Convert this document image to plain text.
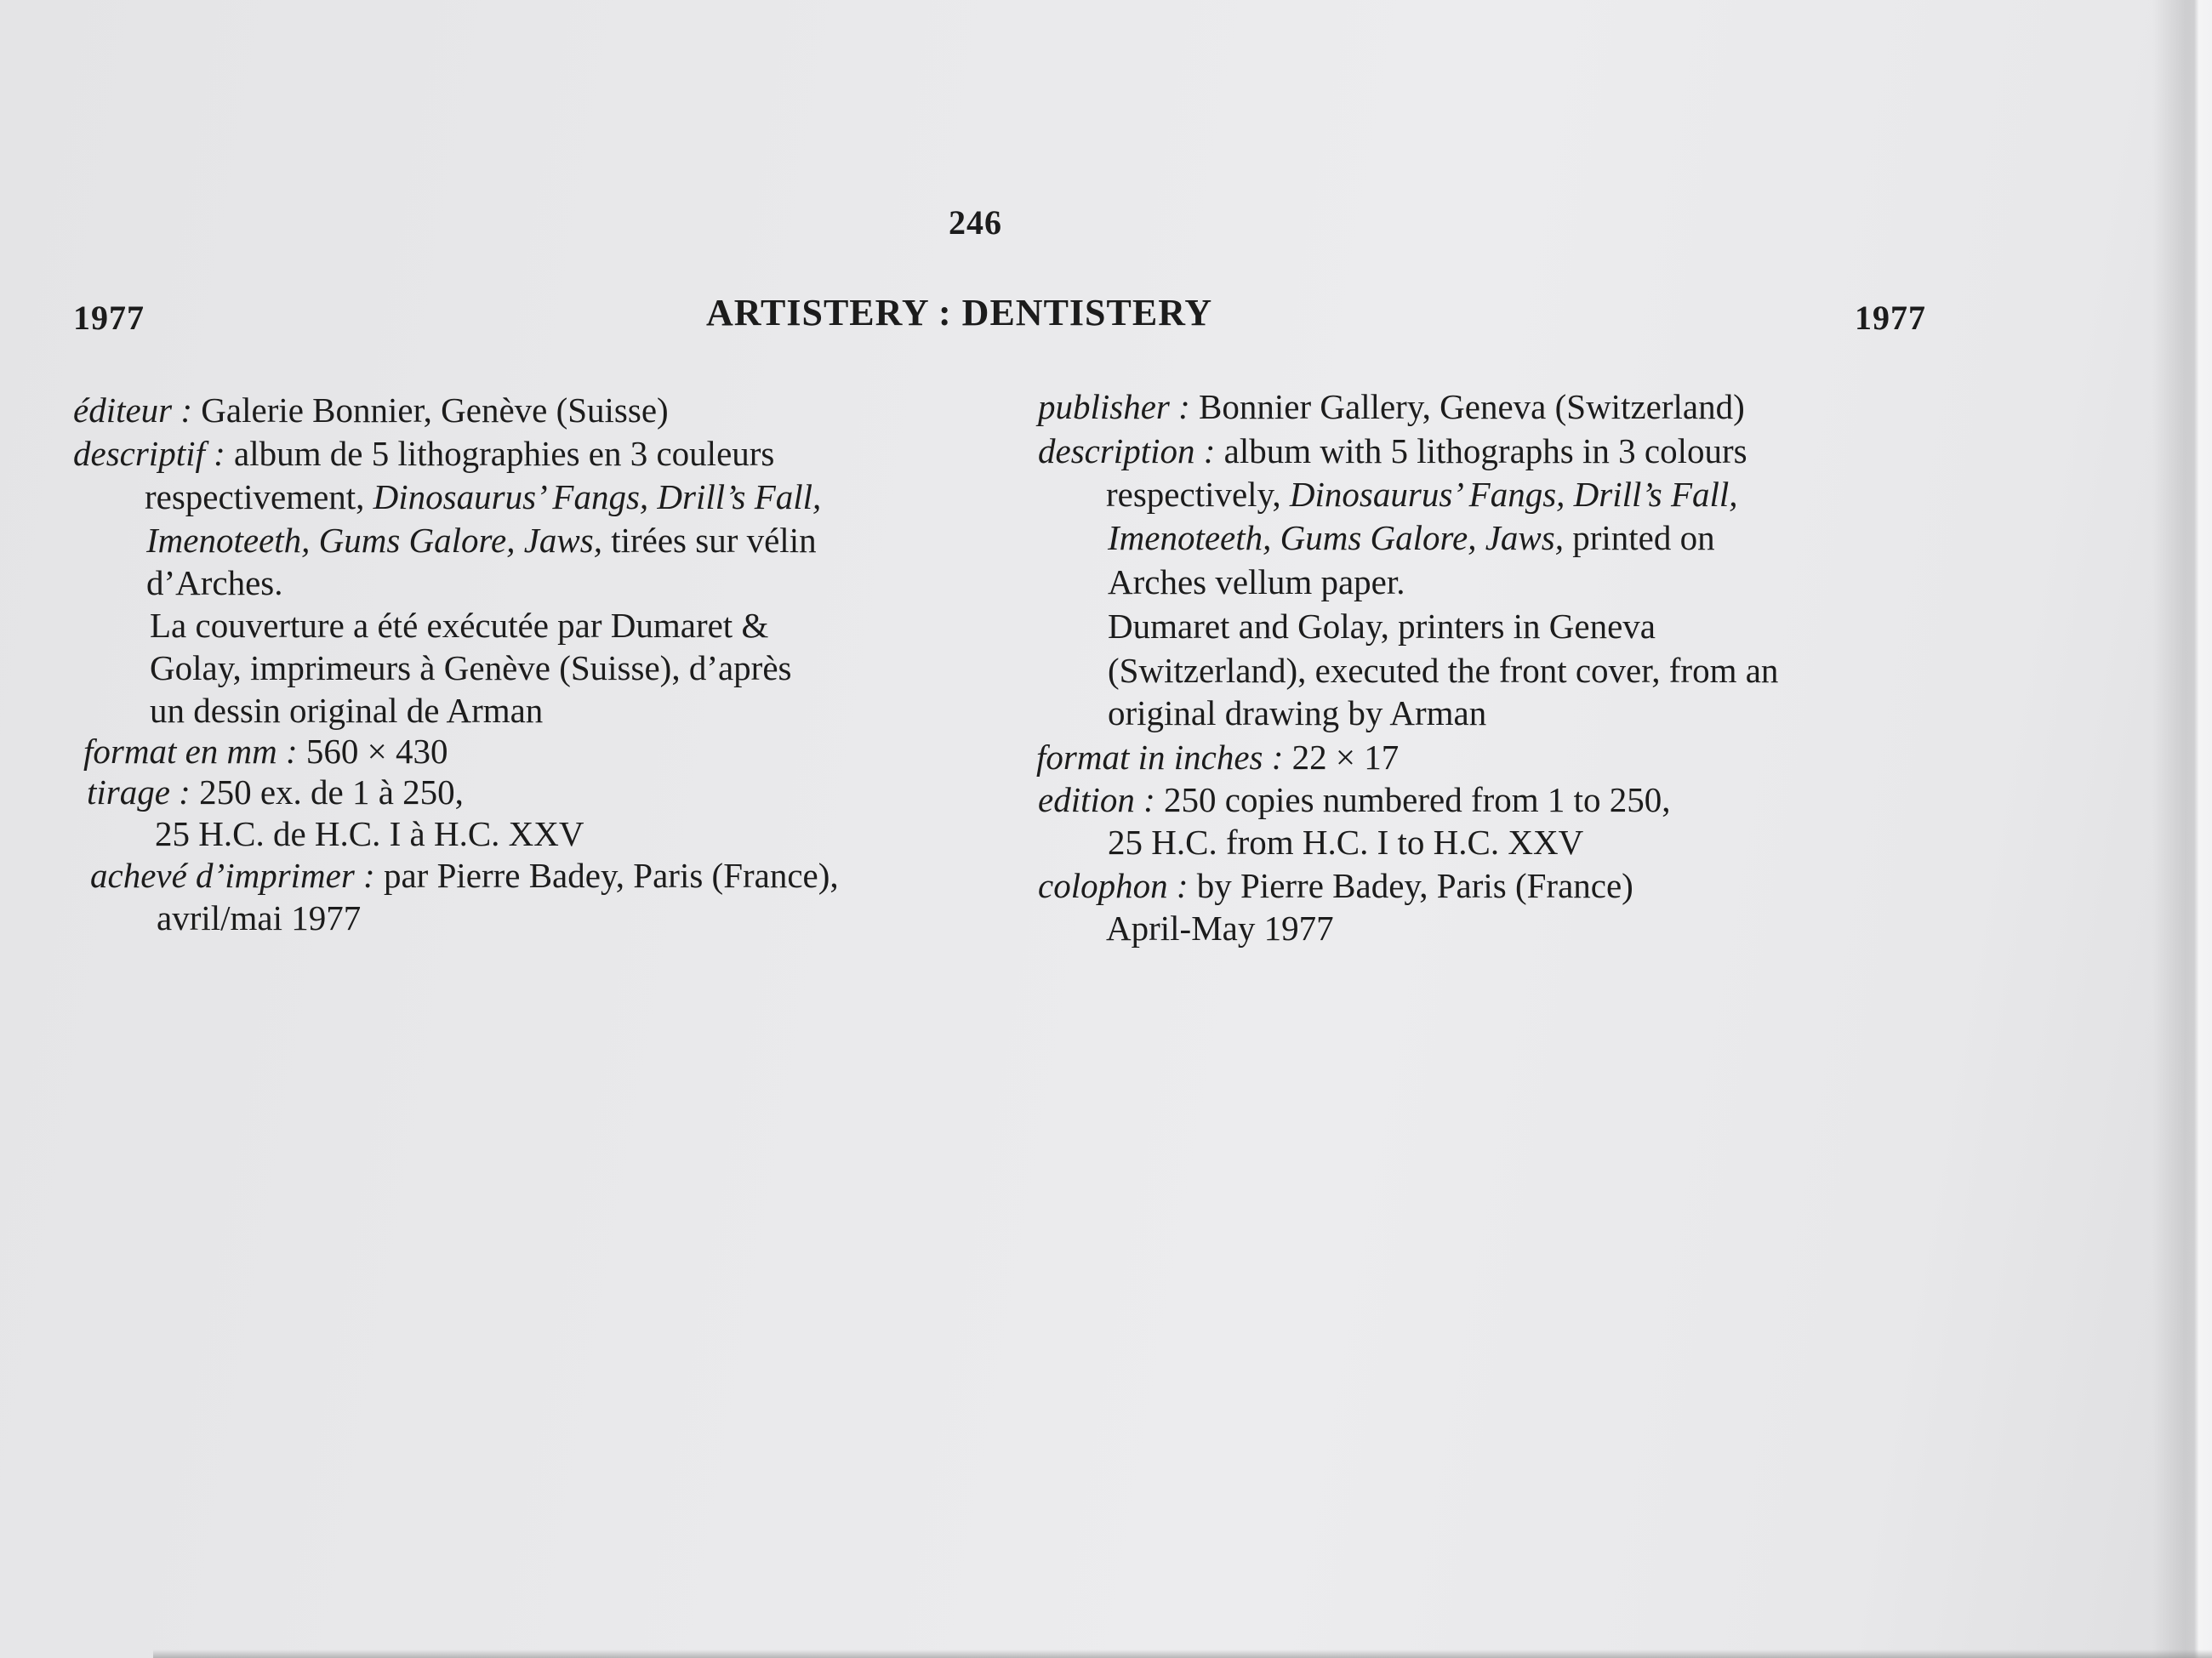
246
1977	ARTISTERY : DENTISTERY	1977
éditeur : Galerie Bonnier, Genève (Suisse)
descriptif : album de 5 lithographies en 3 couleurs
respectivement, Dinosaurus’ Fangs, Drill’s Fall,
Imenoteeth, Gums Galore, Jaws, tirées sur vélin
d’Arches.
La couverture a été exécutée par Dumaret &
Golay, imprimeurs à Genève (Suisse), d’après
un dessin original de Arman
format en mm : 560 × 430
tirage : 250 ex. de 1 à 250,
25 H.C. de H.C. I à H.C. XXV
achevé d’imprimer : par Pierre Badey, Paris (France),
avril/mai 1977
publisher : Bonnier Gallery, Geneva (Switzerland)
description : album with 5 lithographs in 3 colours
respectively, Dinosaurus’ Fangs, Drill’s Fall,
Imenoteeth, Gums Galore, Jaws, printed on
Arches vellum paper.
Dumaret and Golay, printers in Geneva
(Switzerland), executed the front cover, from an
original drawing by Arman
format in inches : 22 × 17
edition : 250 copies numbered from 1 to 250,
25 H.C. from H.C. I to H.C. XXV
colophon : by Pierre Badey, Paris (France)
April-May 1977
